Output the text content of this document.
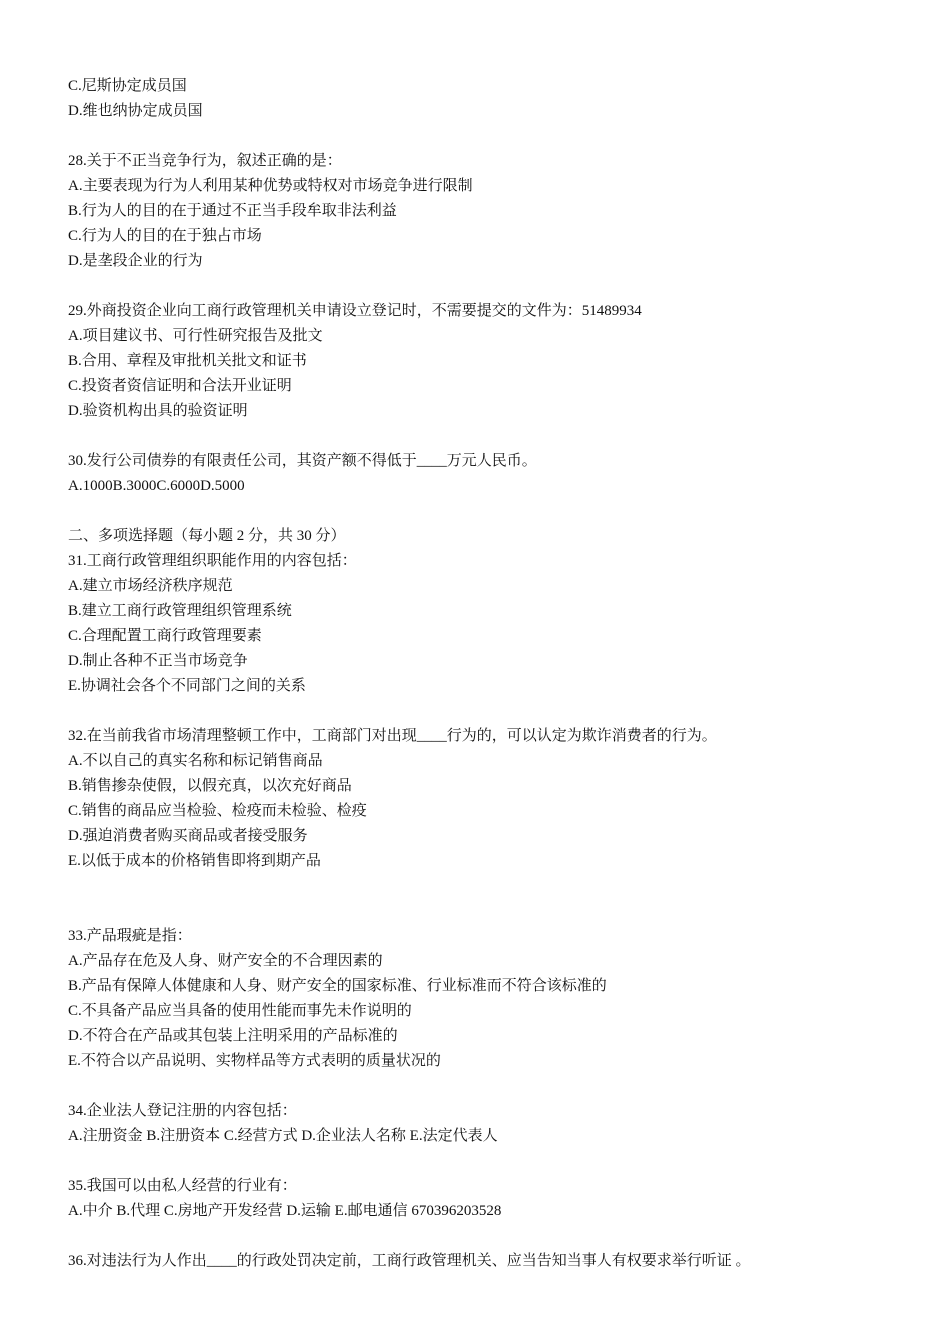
C.尼斯协定成员国
D.维也纳协定成员国
28.关于不正当竞争行为，叙述正确的是：
A.主要表现为行为人利用某种优势或特权对市场竞争进行限制
B.行为人的目的在于通过不正当手段牟取非法利益
C.行为人的目的在于独占市场
D.是垄段企业的行为
29.外商投资企业向工商行政管理机关申请设立登记时，不需要提交的文件为：51489934
A.项目建议书、可行性研究报告及批文
B.合用、章程及审批机关批文和证书
C.投资者资信证明和合法开业证明
D.验资机构出具的验资证明
30.发行公司债券的有限责任公司，其资产额不得低于____万元人民币。
A.1000B.3000C.6000D.5000
二、多项选择题（每小题 2 分，共 30 分）
31.工商行政管理组织职能作用的内容包括：
A.建立市场经济秩序规范
B.建立工商行政管理组织管理系统
C.合理配置工商行政管理要素
D.制止各种不正当市场竞争
E.协调社会各个不同部门之间的关系
32.在当前我省市场清理整顿工作中，工商部门对出现____行为的，可以认定为欺诈消费者的行为。
A.不以自己的真实名称和标记销售商品
B.销售掺杂使假，以假充真，以次充好商品
C.销售的商品应当检验、检疫而未检验、检疫
D.强迫消费者购买商品或者接受服务
E.以低于成本的价格销售即将到期产品
33.产品瑕疵是指：
A.产品存在危及人身、财产安全的不合理因素的
B.产品有保障人体健康和人身、财产安全的国家标准、行业标准而不符合该标准的
C.不具备产品应当具备的使用性能而事先未作说明的
D.不符合在产品或其包装上注明采用的产品标准的
E.不符合以产品说明、实物样品等方式表明的质量状况的
34.企业法人登记注册的内容包括：
A.注册资金 B.注册资本 C.经营方式 D.企业法人名称 E.法定代表人
35.我国可以由私人经营的行业有：
A.中介 B.代理 C.房地产开发经营 D.运输 E.邮电通信 670396203528
36.对违法行为人作出____的行政处罚决定前，工商行政管理机关、应当告知当事人有权要求举行听证 。
